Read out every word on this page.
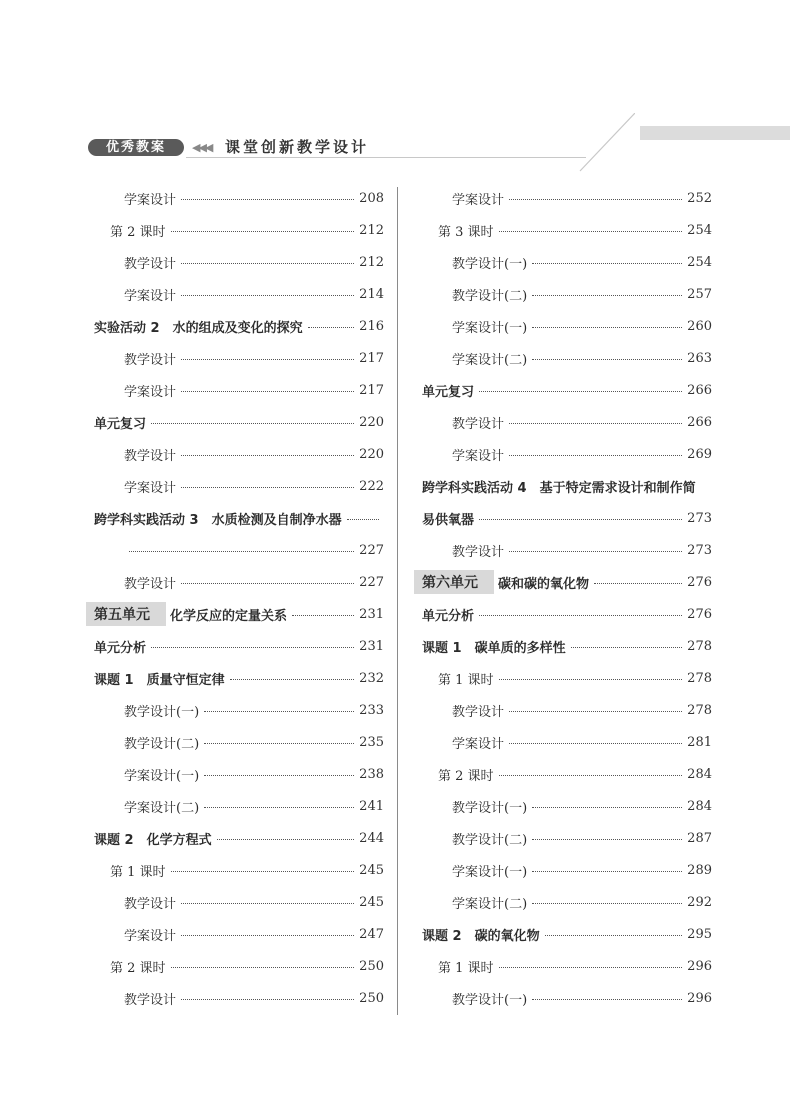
优秀教案	◀◀◀ 课堂创新教学设计
学案设计	208
第 2 课时	212
教学设计	212
学案设计	214
实验活动 2　水的组成及变化的探究	216
教学设计	217
学案设计	217
单元复习	220
教学设计	220
学案设计	222
跨学科实践活动 3　水质检测及自制净水器
227
教学设计	227
第五单元	化学反应的定量关系	231
单元分析	231
课题 1　质量守恒定律	232
教学设计(一)	233
教学设计(二)	235
学案设计(一)	238
学案设计(二)	241
课题 2　化学方程式	244
第 1 课时	245
教学设计	245
学案设计	247
第 2 课时	250
教学设计	250
学案设计	252
第 3 课时	254
教学设计(一)	254
教学设计(二)	257
学案设计(一)	260
学案设计(二)	263
单元复习	266
教学设计	266
学案设计	269
跨学科实践活动 4　基于特定需求设计和制作简
易供氧器	273
教学设计	273
第六单元	碳和碳的氧化物	276
单元分析	276
课题 1　碳单质的多样性	278
第 1 课时	278
教学设计	278
学案设计	281
第 2 课时	284
教学设计(一)	284
教学设计(二)	287
学案设计(一)	289
学案设计(二)	292
课题 2　碳的氧化物	295
第 1 课时	296
教学设计(一)	296
